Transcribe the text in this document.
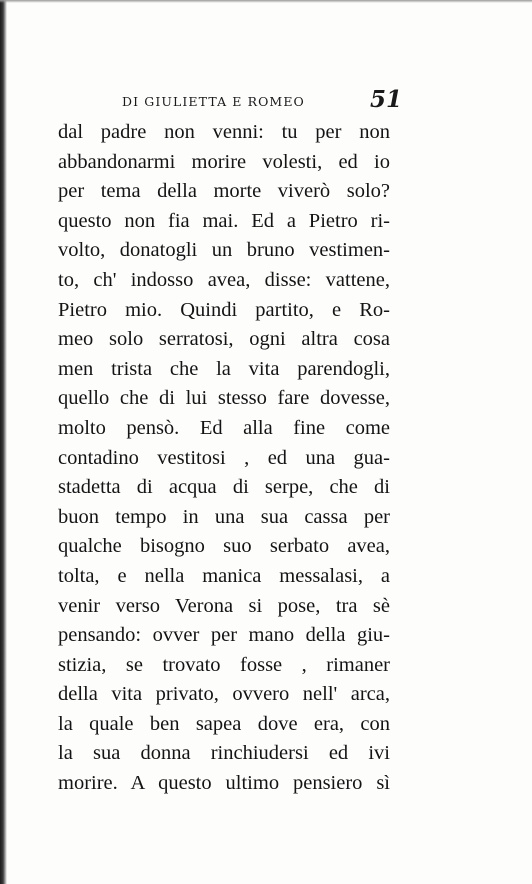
DI GIULIETTA E ROMEO	51
dal padre non venni: tu per non
abbandonarmi morire volesti, ed io
per tema della morte viverò solo?
questo non fia mai. Ed a Pietro ri-
volto, donatogli un bruno vestimen-
to, ch' indosso avea, disse: vattene,
Pietro mio. Quindi partito, e Ro-
meo solo serratosi, ogni altra cosa
men trista che la vita parendogli,
quello che di lui stesso fare dovesse,
molto pensò. Ed alla fine come
contadino vestitosi , ed una gua-
stadetta di acqua di serpe, che di
buon tempo in una sua cassa per
qualche bisogno suo serbato avea,
tolta, e nella manica messalasi, a
venir verso Verona si pose, tra sè
pensando: ovver per mano della giu-
stizia, se trovato fosse , rimaner
della vita privato, ovvero nell' arca,
la quale ben sapea dove era, con
la sua donna rinchiudersi ed ivi
morire. A questo ultimo pensiero sì
